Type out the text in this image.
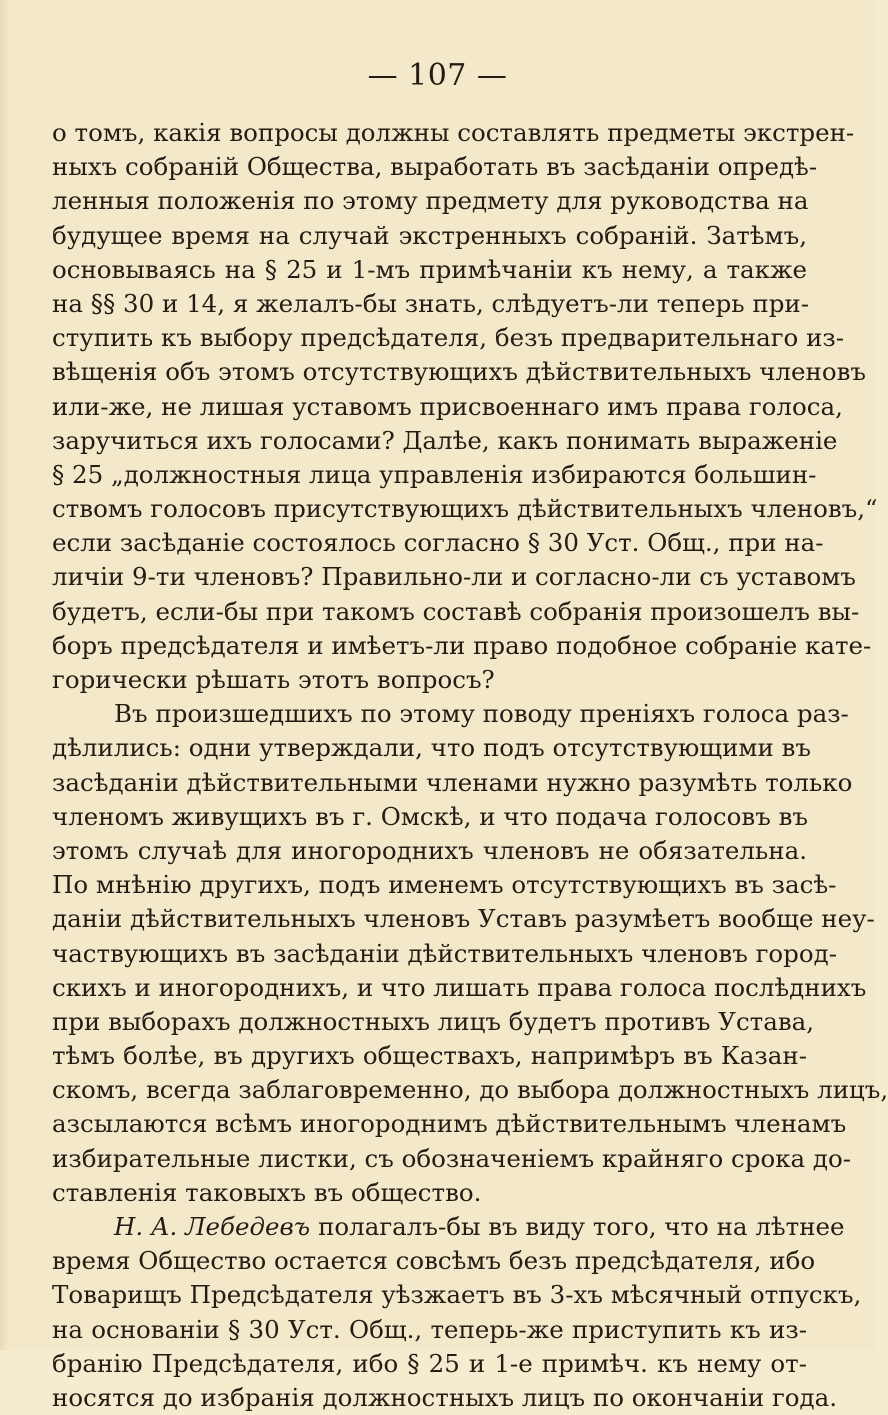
— 107 —
о томъ, какія вопросы должны составлять предметы экстрен-
ныхъ собраній Общества, выработать въ засѣданіи опредѣ-
ленныя положенія по этому предмету для руководства на
будущее время на случай экстренныхъ собраній. Затѣмъ,
основываясь на § 25 и 1-мъ примѣчаніи къ нему, а также
на §§ 30 и 14, я желалъ-бы знать, слѣдуетъ-ли теперь при-
ступить къ выбору предсѣдателя, безъ предварительнаго из-
вѣщенія объ этомъ отсутствующихъ дѣйствительныхъ членовъ
или-же, не лишая уставомъ присвоеннаго имъ права голоса,
заручиться ихъ голосами? Далѣе, какъ понимать выраженіе
§ 25 „должностныя лица управленія избираются большин-
ствомъ голосовъ присутствующихъ дѣйствительныхъ членовъ,“
если засѣданіе состоялось согласно § 30 Уст. Общ., при на-
личіи 9-ти членовъ? Правильно-ли и согласно-ли съ уставомъ
будетъ, если-бы при такомъ составѣ собранія произошелъ вы-
боръ предсѣдателя и имѣетъ-ли право подобное собраніе кате-
горически рѣшать этотъ вопросъ?
Въ произшедшихъ по этому поводу преніяхъ голоса раз-
дѣлились: одни утверждали, что подъ отсутствующими въ
засѣданіи дѣйствительными членами нужно разумѣть только
членомъ живущихъ въ г. Омскѣ, и что подача голосовъ въ
этомъ случаѣ для иногороднихъ членовъ не обязательна.
По мнѣнію другихъ, подъ именемъ отсутствующихъ въ засѣ-
даніи дѣйствительныхъ членовъ Уставъ разумѣетъ вообще неу-
частвующихъ въ засѣданіи дѣйствительныхъ членовъ город-
скихъ и иногороднихъ, и что лишать права голоса послѣднихъ
при выборахъ должностныхъ лицъ будетъ противъ Устава,
тѣмъ болѣе, въ другихъ обществахъ, напримѣръ въ Казан-
скомъ, всегда заблаговременно, до выбора должностныхъ лицъ,
азсылаются всѣмъ иногороднимъ дѣйствительнымъ членамъ
избирательные листки, съ обозначеніемъ крайняго срока до-
ставленія таковыхъ въ общество.
Н. А. Лебедевъ полагалъ-бы въ виду того, что на лѣтнее
время Общество остается совсѣмъ безъ предсѣдателя, ибо
Товарищъ Предсѣдателя уѣзжаетъ въ 3-хъ мѣсячный отпускъ,
на основаніи § 30 Уст. Общ., теперь-же приступить къ из-
бранію Предсѣдателя, ибо § 25 и 1-е примѣч. къ нему от-
носятся до избранія должностныхъ лицъ по окончаніи года.
